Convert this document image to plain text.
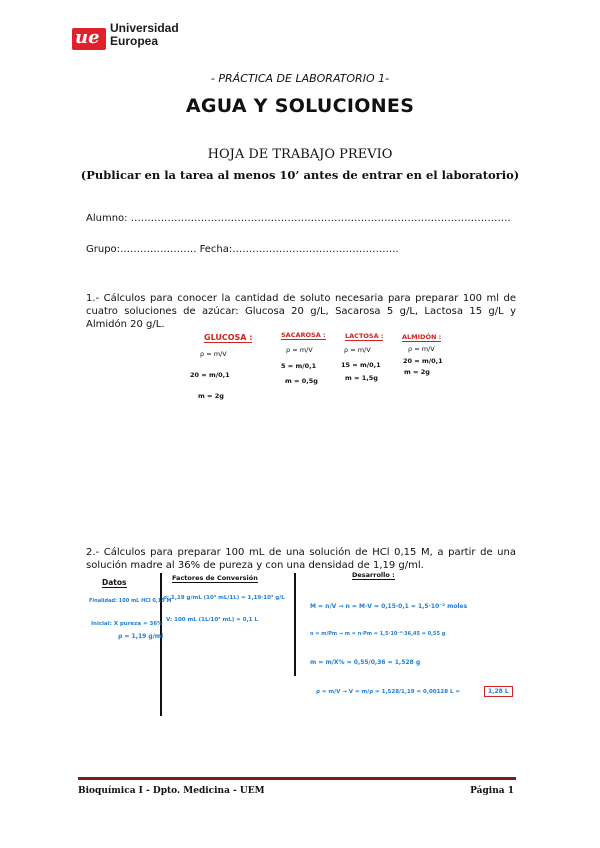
ue Universidad
Europea
- PRÁCTICA DE LABORATORIO 1-
AGUA Y SOLUCIONES
HOJA DE TRABAJO PREVIO
(Publicar en la tarea al menos 10’ antes de entrar en el laboratorio)
Alumno: ……………………………………………………………………………………………………
Grupo:………………….. Fecha:…………………………………………..
1.- Cálculos para conocer la cantidad de soluto necesaria para preparar 100 ml de cuatro soluciones de azúcar: Glucosa 20 g/L, Sacarosa 5 g/L, Lactosa 15 g/L y Almidón 20 g/L.
GLUCOSA :
ρ = m/V
20 = m/0,1
m = 2g
SACAROSA :
ρ = m/V
5 = m/0,1
m = 0,5g
LACTOSA :
ρ = m/V
15 = m/0,1
m = 1,5g
ALMIDÓN :
ρ = m/V
20 = m/0,1
m = 2g
2.- Cálculos para preparar 100 mL de una solución de HCl 0,15 M, a partir de una solución madre al 36% de pureza y con una densidad de 1,19 g/ml.
Datos	Factores de Conversión	Desarrollo :
Finalidad: 100 mL HCl 0,15 M
Inicial: X pureza = 36%
ρ = 1,19 g/ml
ρ: 1,19 g/mL (10³ mL/1L) = 1,19·10³ g/L
V: 100 mL (1L/10³ mL) = 0,1 L
M = n/V → n = M·V = 0,15·0,1 = 1,5·10⁻² moles
n = m/Pm → m = n·Pm = 1,5·10⁻²·36,45 = 0,55 g
m = m/X% = 0,55/0,36 = 1,528 g
ρ = m/V → V = m/ρ = 1,528/1,19 = 0,00128 L =	1,28 L
Bioquímica I - Dpto. Medicina - UEM	Página 1
